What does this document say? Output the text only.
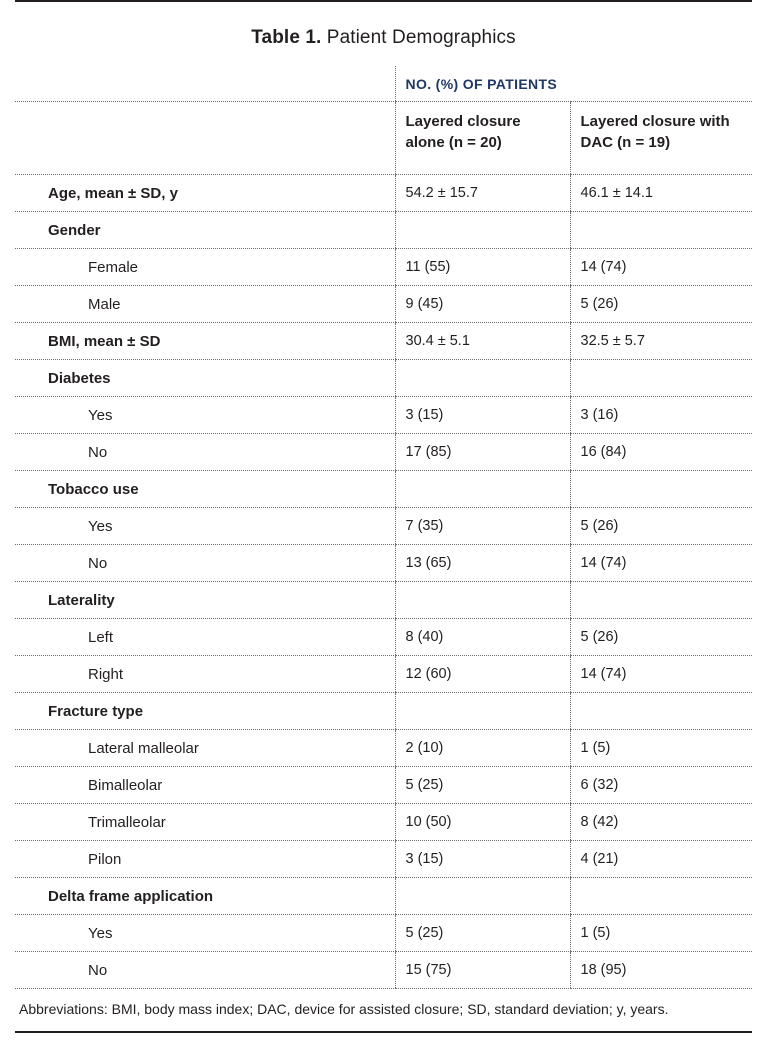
Table 1. Patient Demographics

	NO. (%) OF PATIENTS	

	Layered closure alone (n = 20)	Layered closure with DAC (n = 19)

Age, mean ± SD, y	54.2 ± 15.7	46.1 ± 14.1

Gender		

Female	11 (55)	14 (74)

Male	9 (45)	5 (26)

BMI, mean ± SD	30.4 ± 5.1	32.5 ± 5.7

Diabetes		

Yes	3 (15)	3 (16)

No	17 (85)	16 (84)

Tobacco use		

Yes	7 (35)	5 (26)

No	13 (65)	14 (74)

Laterality		

Left	8 (40)	5 (26)

Right	12 (60)	14 (74)

Fracture type		

Lateral malleolar	2 (10)	1 (5)

Bimalleolar	5 (25)	6 (32)

Trimalleolar	10 (50)	8 (42)

Pilon	3 (15)	4 (21)

Delta frame application		

Yes	5 (25)	1 (5)

No	15 (75)	18 (95)
Abbreviations: BMI, body mass index; DAC, device for assisted closure; SD, standard deviation; y, years.
